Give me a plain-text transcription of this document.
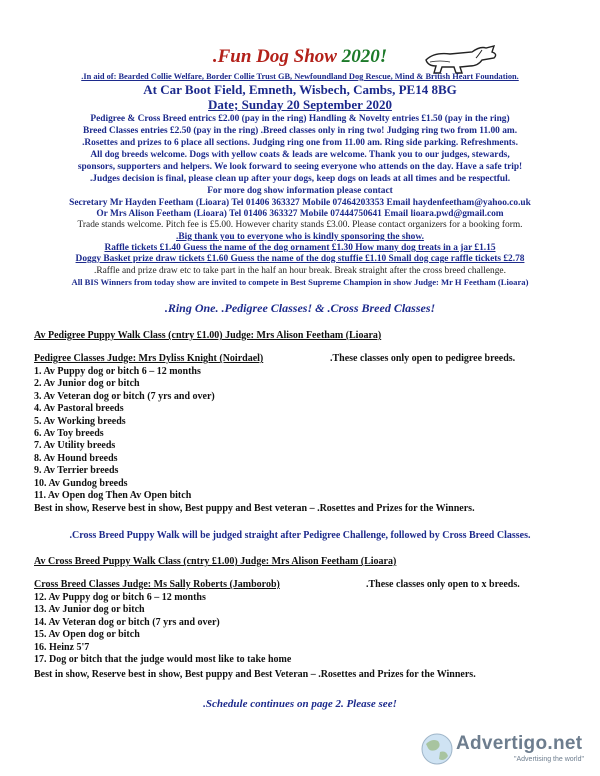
.Fun Dog Show 2020!
.In aid of: Bearded Collie Welfare, Border Collie Trust GB, Newfoundland Dog Rescue, Mind & British Heart Foundation.
At Car Boot Field, Emneth, Wisbech, Cambs, PE14 8BG
Date; Sunday 20 September 2020
Pedigree & Cross Breed entrics £2.00 (pay in the ring) Handling & Novelty entries £1.50 (pay in the ring)
Breed Classes entries £2.50 (pay in the ring) .Breed classes only in ring two! Judging ring two from 11.00 am.
.Rosettes and prizes to 6 place all sections. Judging ring one from 11.00 am. Ring side parking. Refreshments.
All dog breeds welcome. Dogs with yellow coats & leads are welcome. Thank you to our judges, stewards,
sponsors, supporters and helpers. We look forward to seeing everyone who attends on the day. Have a safe trip!
.Judges decision is final, please clean up after your dogs, keep dogs on leads at all times and be respectful.
For more dog show information please contact
Secretary Mr Hayden Feetham (Lioara) Tel 01406 363327 Mobile 07464203353 Email haydenfeetham@yahoo.co.uk
Or Mrs Alison Feetham (Lioara) Tel 01406 363327 Mobile 07444750641 Email lioara.pwd@gmail.com
Trade stands welcome. Pitch fee is £5.00. However charity stands £3.00. Please contact organizers for a booking form.
.Big thank you to everyone who is kindly sponsoring the show.
Raffle tickets £1.40 Guess the name of the dog ornament £1.30 How many dog treats in a jar £1.15
Doggy Basket prize draw tickets £1.60 Guess the name of the dog stuffie £1.10 Small dog cage raffle tickets £2.78
.Raffle and prize draw etc to take part in the half an hour break. Break straight after the cross breed challenge.
All BIS Winners from today show are invited to compete in Best Supreme Champion in show Judge: Mr H Feetham (Lioara)
.Ring One. .Pedigree Classes! & .Cross Breed Classes!
Av Pedigree Puppy Walk Class (cntry £1.00) Judge: Mrs Alison Feetham (Lioara)
Pedigree Classes Judge: Mrs Dyliss Knight (Noirdael)	.These classes only open to pedigree breeds.
1. Av Puppy dog or bitch 6 – 12 months
2. Av Junior dog or bitch
3. Av Veteran dog or bitch (7 yrs and over)
4. Av Pastoral breeds
5. Av Working breeds
6. Av Toy breeds
7. Av Utility breeds
8. Av Hound breeds
9. Av Terrier breeds
10. Av Gundog breeds
11. Av Open dog Then Av Open bitch
Best in show, Reserve best in show, Best puppy and Best veteran – .Rosettes and Prizes for the Winners.
.Cross Breed Puppy Walk will be judged straight after Pedigree Challenge, followed by Cross Breed Classes.
Av Cross Breed Puppy Walk Class (cntry £1.00) Judge: Mrs Alison Feetham (Lioara)
Cross Breed Classes Judge: Ms Sally Roberts (Jamborob)	.These classes only open to x breeds.
12. Av Puppy dog or bitch 6 – 12 months
13. Av Junior dog or bitch
14. Av Veteran dog or bitch (7 yrs and over)
15. Av Open dog or bitch
16. Heinz 5'7
17. Dog or bitch that the judge would most like to take home
Best in show, Reserve best in show, Best puppy and Best Veteran – .Rosettes and Prizes for the Winners.
.Schedule continues on page 2. Please see!
Advertigo.net
"Advertising the world"
